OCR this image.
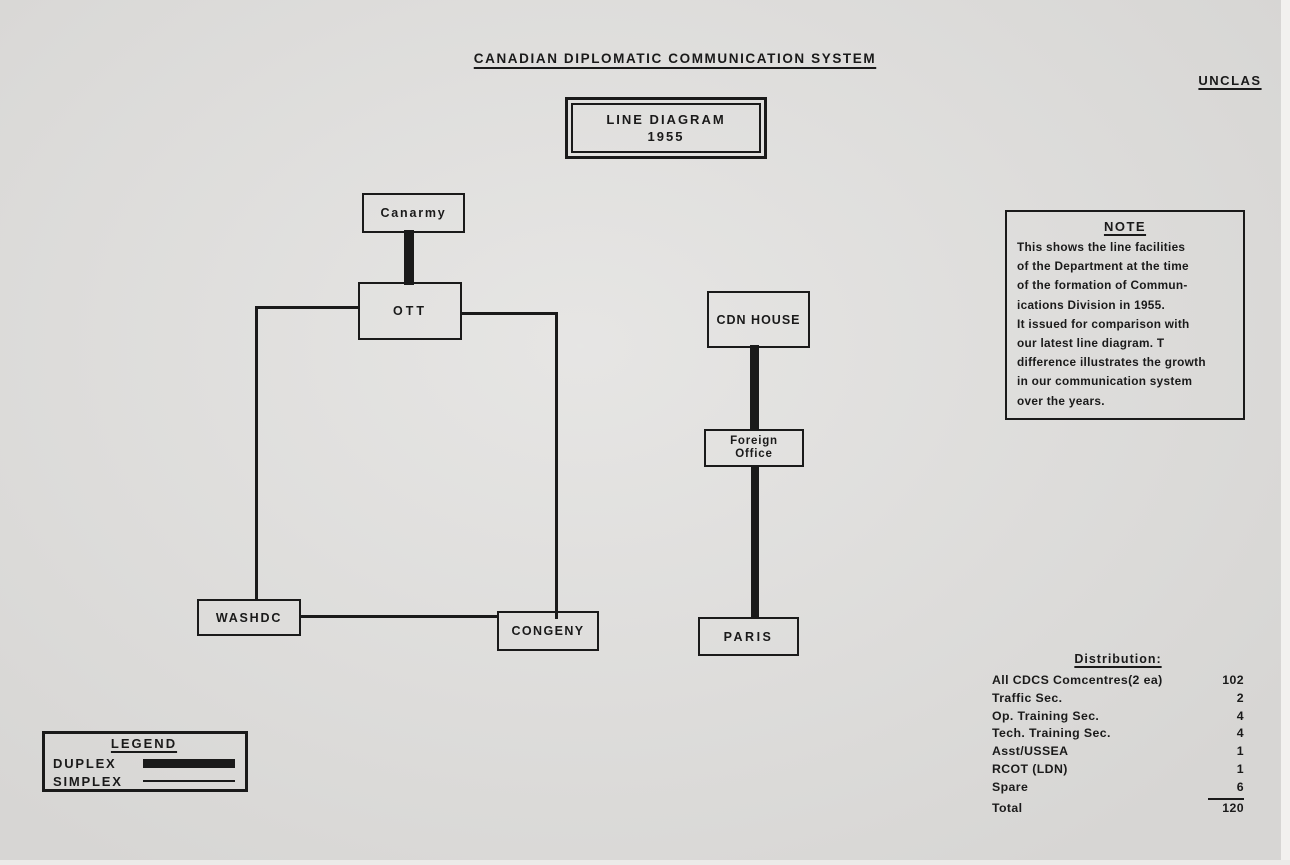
CANADIAN DIPLOMATIC COMMUNICATION SYSTEM
UNCLAS
LINE DIAGRAM
1955
Canarmy
OTT
CDN HOUSE
Foreign
Office
WASHDC
CONGENY	PARIS
NOTE
This shows the line facilities
of the Department at the time
of the formation of Commun-
ications Division in 1955.
It issued for comparison with
our latest line diagram. T
difference illustrates the growth
in our communication system
over the years.
Distribution:
All CDCS Comcentres(2 ea)	102
Traffic Sec.	2
Op. Training Sec.	4
Tech. Training Sec.	4
Asst/USSEA	1
RCOT (LDN)	1
Spare	6
Total	120
LEGEND
DUPLEX
SIMPLEX
